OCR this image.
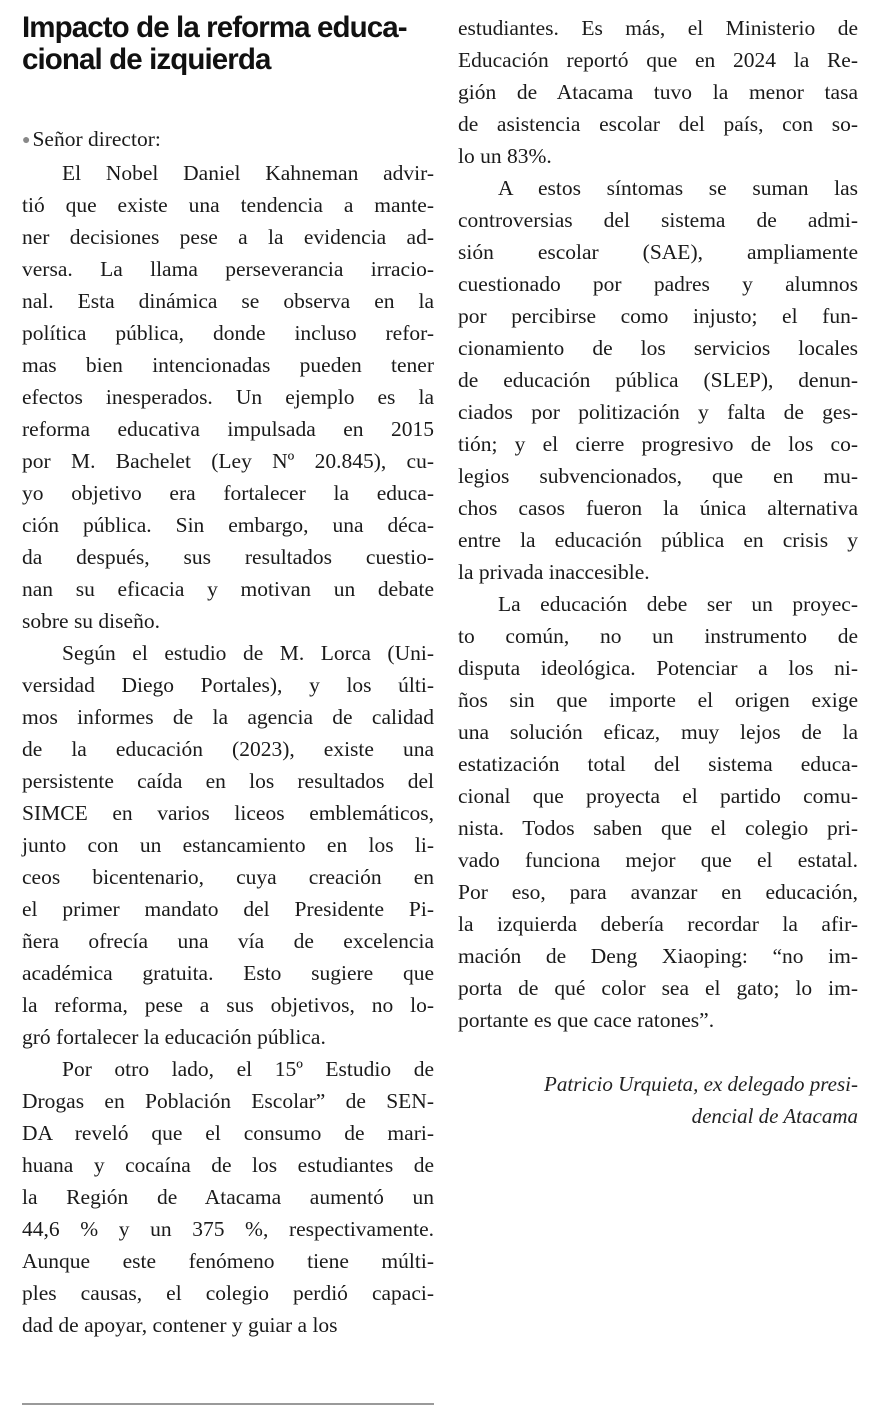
Impacto de la reforma educa-
cional de izquierda
●Señor director:
El Nobel Daniel Kahneman advir-
tió que existe una tendencia a mante-
ner decisiones pese a la evidencia ad-
versa. La llama perseverancia irracio-
nal. Esta dinámica se observa en la
política pública, donde incluso refor-
mas bien intencionadas pueden tener
efectos inesperados. Un ejemplo es la
reforma educativa impulsada en 2015
por M. Bachelet (Ley Nº 20.845), cu-
yo objetivo era fortalecer la educa-
ción pública. Sin embargo, una déca-
da después, sus resultados cuestio-
nan su eficacia y motivan un debate
sobre su diseño.
Según el estudio de M. Lorca (Uni-
versidad Diego Portales), y los últi-
mos informes de la agencia de calidad
de la educación (2023), existe una
persistente caída en los resultados del
SIMCE en varios liceos emblemáticos,
junto con un estancamiento en los li-
ceos bicentenario, cuya creación en
el primer mandato del Presidente Pi-
ñera ofrecía una vía de excelencia
académica gratuita. Esto sugiere que
la reforma, pese a sus objetivos, no lo-
gró fortalecer la educación pública.
Por otro lado, el 15º Estudio de
Drogas en Población Escolar” de SEN-
DA reveló que el consumo de mari-
huana y cocaína de los estudiantes de
la Región de Atacama aumentó un
44,6 % y un 375 %, respectivamente.
Aunque este fenómeno tiene múlti-
ples causas, el colegio perdió capaci-
dad de apoyar, contener y guiar a los
estudiantes. Es más, el Ministerio de
Educación reportó que en 2024 la Re-
gión de Atacama tuvo la menor tasa
de asistencia escolar del país, con so-
lo un 83%.
A estos síntomas se suman las
controversias del sistema de admi-
sión escolar (SAE), ampliamente
cuestionado por padres y alumnos
por percibirse como injusto; el fun-
cionamiento de los servicios locales
de educación pública (SLEP), denun-
ciados por politización y falta de ges-
tión; y el cierre progresivo de los co-
legios subvencionados, que en mu-
chos casos fueron la única alternativa
entre la educación pública en crisis y
la privada inaccesible.
La educación debe ser un proyec-
to común, no un instrumento de
disputa ideológica. Potenciar a los ni-
ños sin que importe el origen exige
una solución eficaz, muy lejos de la
estatización total del sistema educa-
cional que proyecta el partido comu-
nista. Todos saben que el colegio pri-
vado funciona mejor que el estatal.
Por eso, para avanzar en educación,
la izquierda debería recordar la afir-
mación de Deng Xiaoping: “no im-
porta de qué color sea el gato; lo im-
portante es que cace ratones”.
Patricio Urquieta, ex delegado presi-
dencial de Atacama
